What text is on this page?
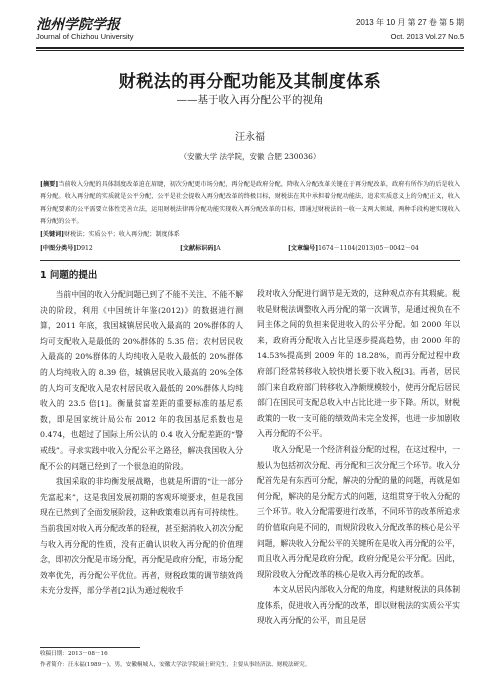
池州学院学报
Journal of Chizhou University
2013 年 10 月 第 27 卷 第 5 期
Oct. 2013 Vol.27 No.5
财税法的再分配功能及其制度体系
——基于收入再分配公平的视角
汪永福
（安徽大学 法学院，安徽 合肥 230036）
[摘要]当前收入分配的具体制度改革迫在眉睫，初次分配更市场分配，再分配是政府分配，降收入分配改革关键在于再分配改革，政府有所作为的后是收入再分配。收入再分配的实质就是公平分配，公平是社会提收入再分配改革的终极目标，财税法在其中承担着分配功能法，追求实质意义上的分配正义，收入再分配要素的公平需要立体性完善立法，运用财税法律再分配功能实现收入再分配改革的目标，即通过财税法的一收一支两大领域，两种手段构建实现收入再分配的公平。
[关键词]财税法；实质公平；收入再分配；制度体系
[中图分类号]D912	[文献标识码]A	[文章编号]1674－1104(2013)05－0042－04
1 问题的提出

当前中国的收入分配问题已到了不能不关注、不能不解决的阶段，利用《中国统计年鉴(2012)》的数据进行测算，2011 年底，我国城镇居民收入最高的 20%群体的人均可支配收入是最低的 20%群体的 5.35 倍；农村居民收入最高的 20%群体的人均纯收入是收入最低的 20%群体的人均纯收入的 8.39 倍，城镇居民收入最高的 20%全体的人均可支配收入是农村居民收入最低的 20%群体人均纯收入的 23.5 倍[1]。衡量贫富差距的重要标准的基尼系数，即是国家统计局公布 2012 年的我国基尼系数也是 0.474，也超过了国际上所公认的 0.4 收入分配差距的“警戒线”。寻求实践中收入分配公平之路径，解决我国收入分配不公的问题已经到了一个很急迫的阶段。

我国采取的非均衡发展战略，也就是所谓的“让一部分先富起来”，这是我国发展初期的客观环境要求，但是我国现在已然到了全面发展阶段，这种政策难以再有可持续性。当前我国对收入再分配改革的轻视，甚至据消收入初次分配与收入再分配的性质，没有正确认识收入再分配的价值理念，即初次分配是市场分配，再分配是政府分配，市场分配效率优先，再分配公平优位。再者，财税政策的调节绩效尚未充分发挥，部分学者[2]认为通过税收手

段对收入分配进行调节是无效的，这种观点亦有其瑕疵。税收是财税法调整收入再分配的第一次调节，是通过视负在不同主体之间的负担来促进收入的公平分配。如 2000 年以来，政府再分配收入占比呈逐步提高趋势，由 2000 年的 14.53%提高到 2009 年的 18.28%，而再分配过程中政府部门经常转移收入较快增长要下收入税[3]。再者，居民部门来自政府部门转移收入净额规模较小，使再分配后居民部门在国民可支配总收入中占比比进一步下降。所以，财税政策的一收一支可能的绩效尚未完全发挥，也进一步加剧收入再分配的不公平。

收入分配是一个经济利益分配的过程，在这过程中，一般认为包括初次分配、再分配和三次分配三个环节。收入分配首先是有东西可分配，解决的分配的量的问题，再就是如何分配，解决的是分配方式的问题，这组贯穿于收入分配的三个环节。收入分配需要进行改革，不同环节的改革所追求的价值取向是不同的，而规阶段收入分配改革的核心是公平问题，解决收入分配公平的关键所在是收入再分配的公平，而且收入再分配是政府分配，政府分配是公平分配。因此，现阶段收入分配改革的核心是收入再分配的改革。

本文从居民内部收入分配的角度，构建财税法的具体制度体系，促进收入再分配的改革，即以财税法的实质公平实现收入再分配的公平，而且是居

收稿日期：2013－08－16
作者简介：汪永福(1989－)，男，安徽桐城人，安徽大学法学院硕士研究生，主要从事经济法、财税法研究。
